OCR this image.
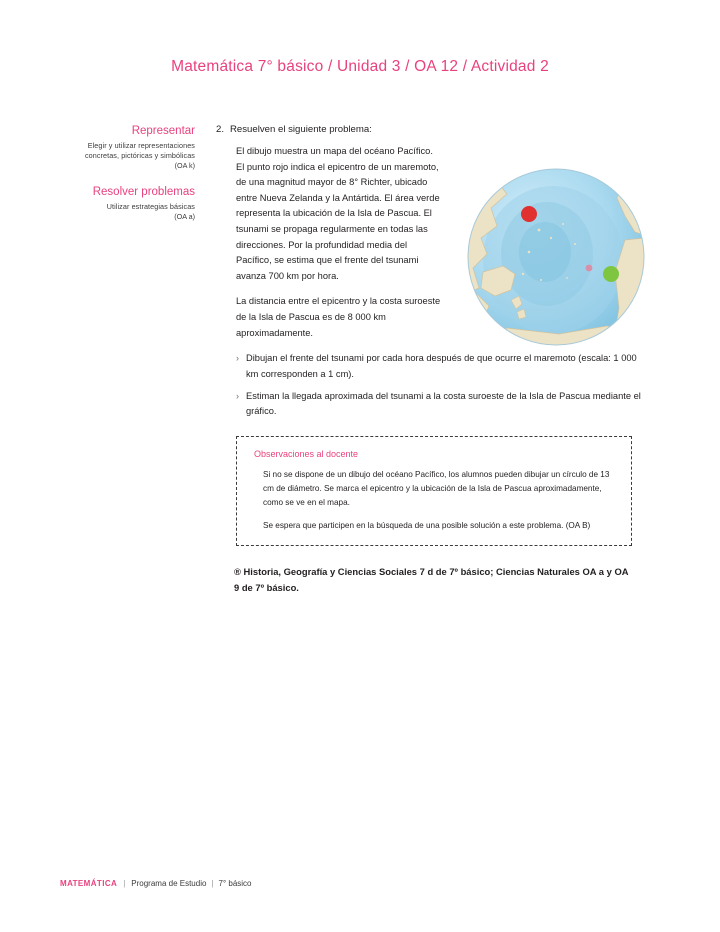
Matemática 7° básico / Unidad 3 / OA 12 / Actividad 2
Representar
Elegir y utilizar representaciones concretas, pictóricas y simbólicas
(OA k)
Resolver problemas
Utilizar estrategias básicas
(OA a)
2. Resuelven el siguiente problema:

El dibujo muestra un mapa del océano Pacífico. El punto rojo indica el epicentro de un maremoto, de una magnitud mayor de 8° Richter, ubicado entre Nueva Zelanda y la Antártida. El área verde representa la ubicación de la Isla de Pascua. El tsunami se propaga regularmente en todas las direcciones. Por la profundidad media del Pacífico, se estima que el frente del tsunami avanza 700 km por hora.

La distancia entre el epicentro y la costa suroeste de la Isla de Pascua es de 8 000 km aproximadamente.

› Dibujan el frente del tsunami por cada hora después de que ocurre el maremoto (escala: 1 000 km corresponden a 1 cm).
› Estiman la llegada aproximada del tsunami a la costa suroeste de la Isla de Pascua mediante el gráfico.
Observaciones al docente

Si no se dispone de un dibujo del océano Pacífico, los alumnos pueden dibujar un círculo de 13 cm de diámetro. Se marca el epicentro y la ubicación de la Isla de Pascua aproximadamente, como se ve en el mapa.

Se espera que participen en la búsqueda de una posible solución a este problema. (OA B)

® Historia, Geografía y Ciencias Sociales 7 d de 7º básico; Ciencias Naturales OA a y OA 9 de 7º básico.
MATEMÁTICA | Programa de Estudio | 7° básico
